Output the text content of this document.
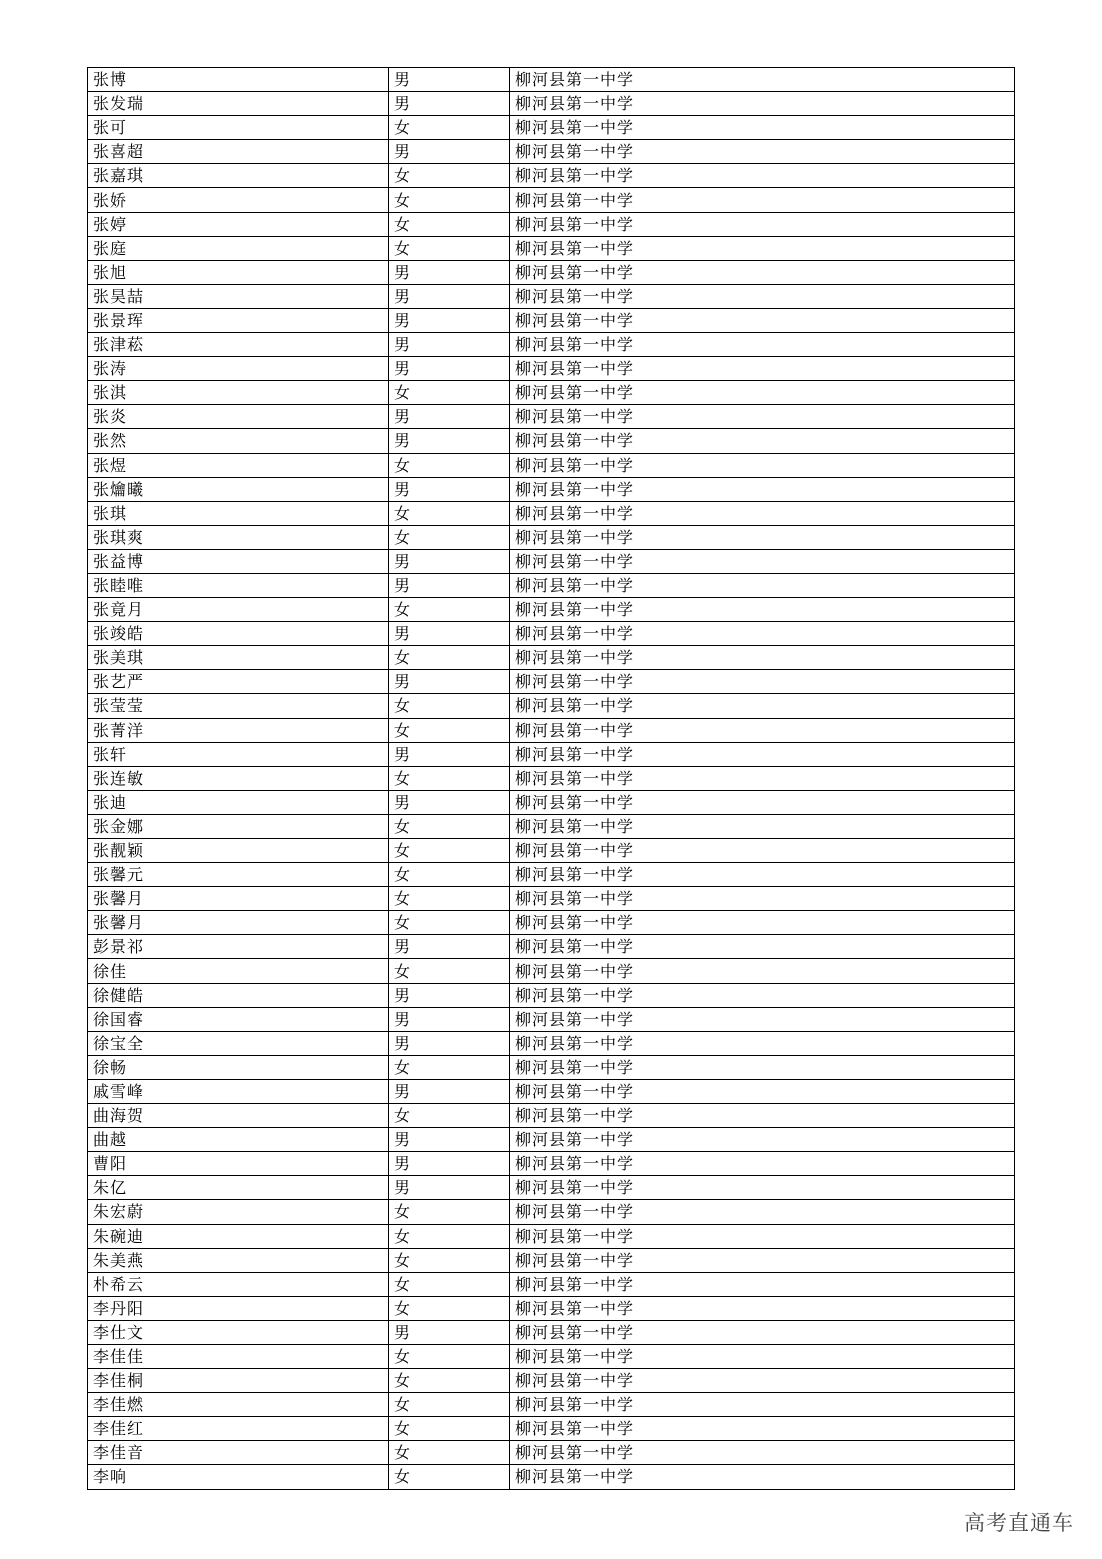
张博	男	柳河县第一中学
张发瑞	男	柳河县第一中学
张可	女	柳河县第一中学
张喜超	男	柳河县第一中学
张嘉琪	女	柳河县第一中学
张娇	女	柳河县第一中学
张婷	女	柳河县第一中学
张庭	女	柳河县第一中学
张旭	男	柳河县第一中学
张昊喆	男	柳河县第一中学
张景珲	男	柳河县第一中学
张津菘	男	柳河县第一中学
张涛	男	柳河县第一中学
张淇	女	柳河县第一中学
张炎	男	柳河县第一中学
张然	男	柳河县第一中学
张煜	女	柳河县第一中学
张爚曦	男	柳河县第一中学
张琪	女	柳河县第一中学
张琪爽	女	柳河县第一中学
张益博	男	柳河县第一中学
张睦唯	男	柳河县第一中学
张竟月	女	柳河县第一中学
张竣皓	男	柳河县第一中学
张美琪	女	柳河县第一中学
张艺严	男	柳河县第一中学
张莹莹	女	柳河县第一中学
张菁洋	女	柳河县第一中学
张轩	男	柳河县第一中学
张连敏	女	柳河县第一中学
张迪	男	柳河县第一中学
张金娜	女	柳河县第一中学
张靓颖	女	柳河县第一中学
张馨元	女	柳河县第一中学
张馨月	女	柳河县第一中学
张馨月	女	柳河县第一中学
彭景祁	男	柳河县第一中学
徐佳	女	柳河县第一中学
徐健皓	男	柳河县第一中学
徐国睿	男	柳河县第一中学
徐宝全	男	柳河县第一中学
徐畅	女	柳河县第一中学
戚雪峰	男	柳河县第一中学
曲海贺	女	柳河县第一中学
曲越	男	柳河县第一中学
曹阳	男	柳河县第一中学
朱亿	男	柳河县第一中学
朱宏蔚	女	柳河县第一中学
朱碗迪	女	柳河县第一中学
朱美燕	女	柳河县第一中学
朴希云	女	柳河县第一中学
李丹阳	女	柳河县第一中学
李仕文	男	柳河县第一中学
李佳佳	女	柳河县第一中学
李佳桐	女	柳河县第一中学
李佳燃	女	柳河县第一中学
李佳红	女	柳河县第一中学
李佳音	女	柳河县第一中学
李响	女	柳河县第一中学
高考直通车
